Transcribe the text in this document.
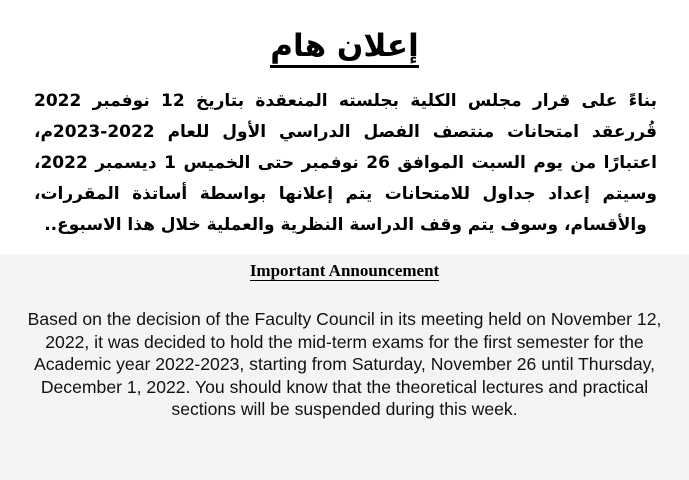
إعلان هام

بناءً على قرار مجلس الكلية بجلسته المنعقدة بتاريخ 12 نوفمبر 2022 قُررعقد امتحانات منتصف الفصل الدراسي الأول للعام 2022-2023م، اعتبارًا من يوم السبت الموافق 26 نوفمبر حتى الخميس 1 ديسمبر 2022، وسيتم إعداد جداول للامتحانات يتم إعلانها بواسطة أساتذة المقررات، والأقسام، وسوف يتم وقف الدراسة النظرية والعملية خلال هذا الاسبوع..

Important Announcement

Based on the decision of the Faculty Council in its meeting held on November 12, 2022, it was decided to hold the mid-term exams for the first semester for the Academic year 2022-2023, starting from Saturday, November 26 until Thursday, December 1, 2022. You should know that the theoretical lectures and practical sections will be suspended during this week.
